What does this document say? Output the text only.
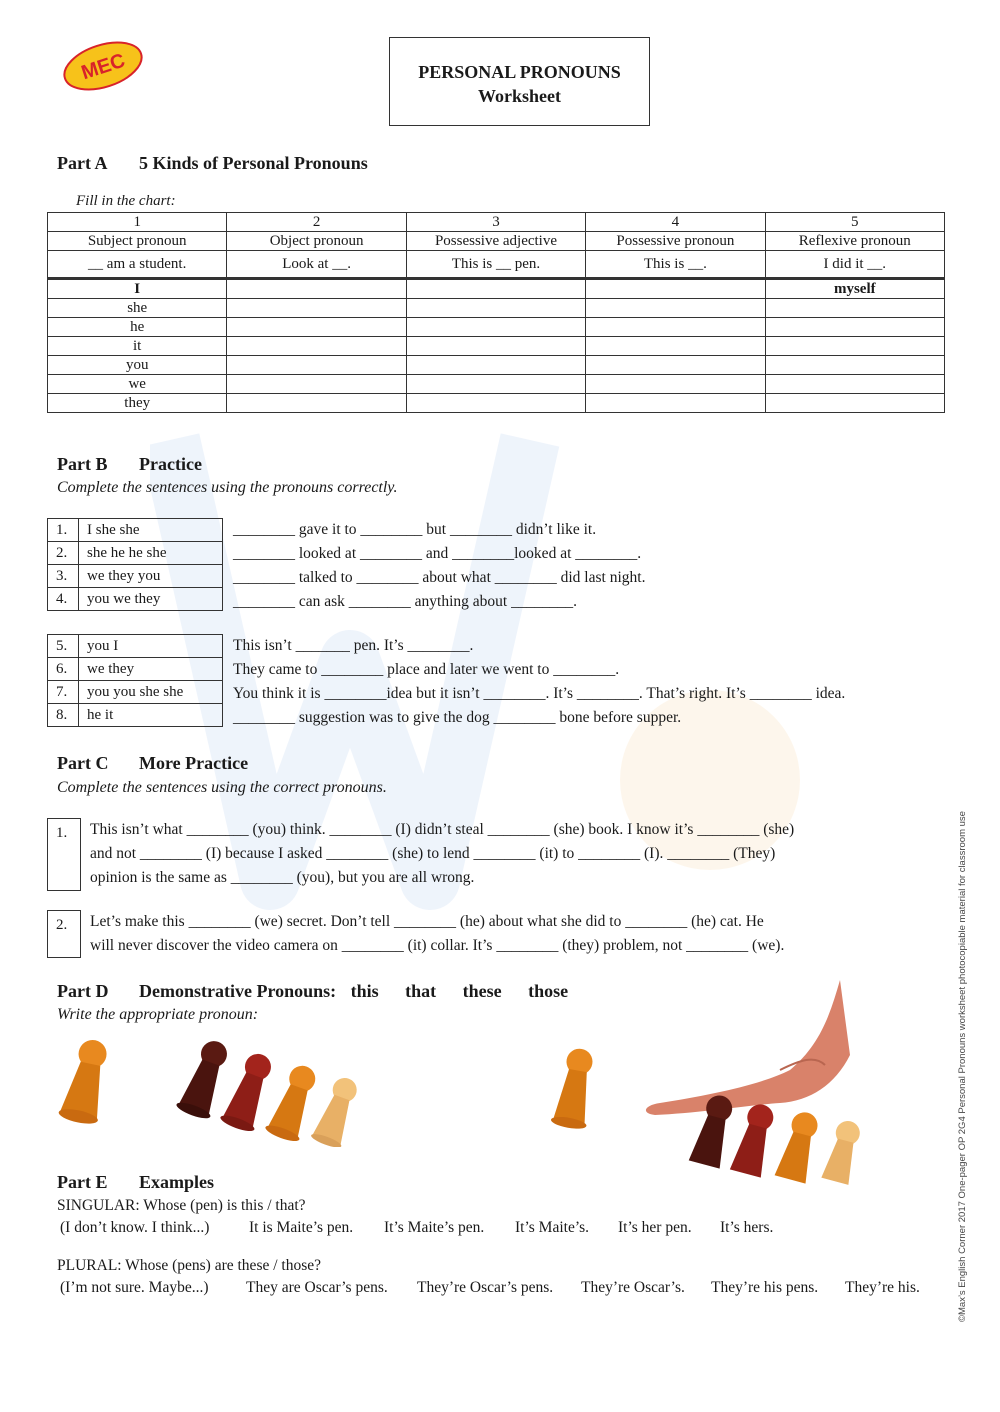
MEC	PERSONAL PRONOUNS
Worksheet
Part A 5 Kinds of Personal Pronouns
Fill in the chart:
1	2	3	4	5
Subject pronoun	Object pronoun	Possessive adjective	Possessive pronoun	Reflexive pronoun
__ am a student.	Look at __.	This is __ pen.	This is __.	I did it __.
I				myself
she				
he				
it				
you				
we				
they				
Part B Practice
Complete the sentences using the pronouns correctly.
1.	I she she
2.	she he he she
3.	we they you
4.	you we they
________ gave it to ________ but ________ didn’t like it.
________ looked at ________ and ________looked at ________.
________ talked to ________ about what ________ did last night.
________ can ask ________ anything about ________.
5.	you I
6.	we they
7.	you you she she
8.	he it
This isn’t _______ pen. It’s ________.
They came to ________ place and later we went to ________.
You think it is ________idea but it isn’t ________. It’s ________. That’s right. It’s ________ idea.
________ suggestion was to give the dog ________ bone before supper.
Part C More Practice
Complete the sentences using the correct pronouns.
1.	This isn’t what ________ (you) think. ________ (I) didn’t steal ________ (she) book. I know it’s ________ (she)
and not ________ (I) because I asked ________ (she) to lend ________ (it) to ________ (I). ________ (They)
opinion is the same as ________ (you), but you are all wrong.
2.	Let’s make this ________ (we) secret. Don’t tell ________ (he) about what she did to ________ (he) cat. He
will never discover the video camera on ________ (it) collar. It’s ________ (they) problem, not ________ (we).
Part D Demonstrative Pronouns: this that these those
Write the appropriate pronoun:
Part E Examples
SINGULAR: Whose (pen) is this / that?
(I don’t know. I think...)	It is Maite’s pen. It’s Maite’s pen. It’s Maite’s. It’s her pen. It’s hers.
PLURAL: Whose (pens) are these / those?
(I’m not sure. Maybe...) They are Oscar’s pens. They’re Oscar’s pens. They’re Oscar’s. They’re his pens. They’re his.	©Max’s English Corner 2017 One-pager OP 2G4 Personal Pronouns worksheet photocopiable material for classroom use
